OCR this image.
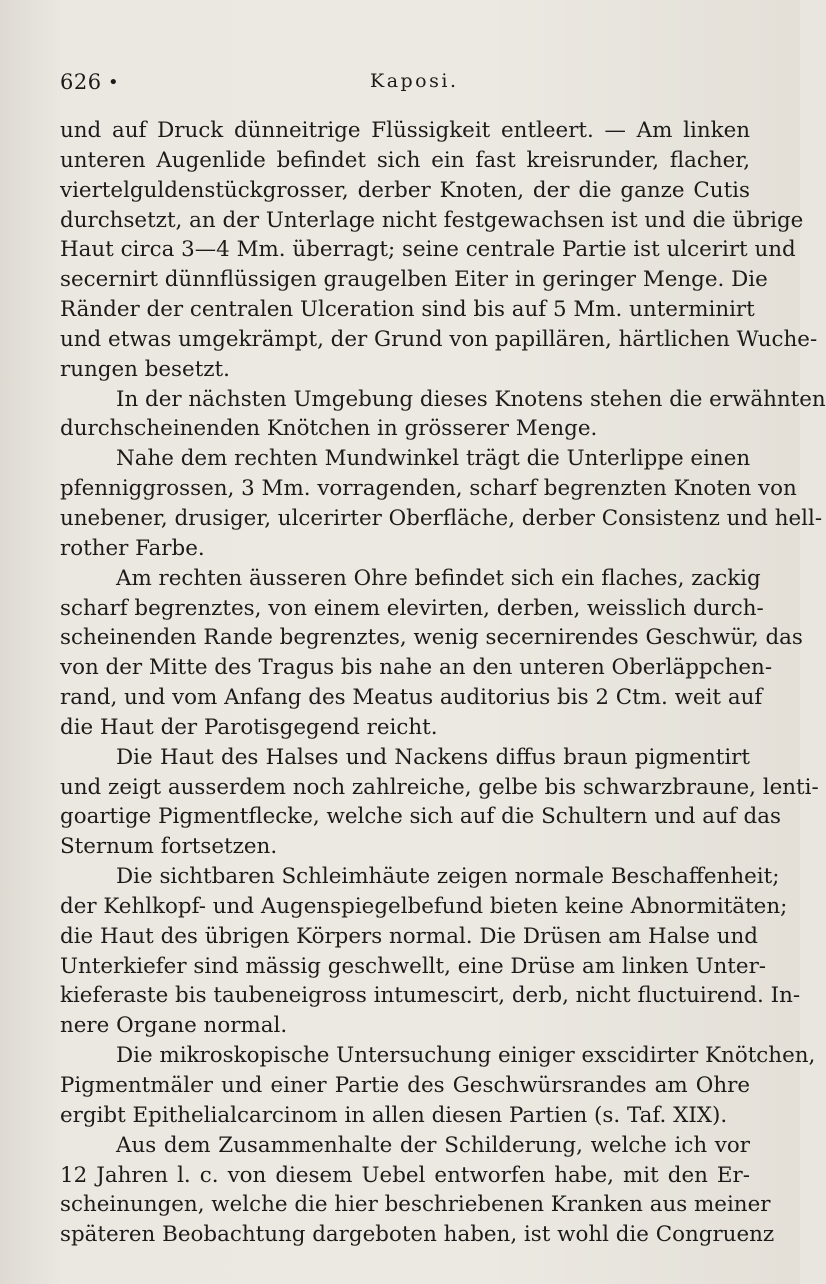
626 •	Kaposi.
und auf Druck dünneitrige Flüssigkeit entleert. — Am linken
unteren Augenlide befindet sich ein fast kreisrunder, flacher,
viertelguldenstückgrosser, derber Knoten, der die ganze Cutis
durchsetzt, an der Unterlage nicht festgewachsen ist und die übrige
Haut circa 3—4 Mm. überragt; seine centrale Partie ist ulcerirt und
secernirt dünnflüssigen graugelben Eiter in geringer Menge. Die
Ränder der centralen Ulceration sind bis auf 5 Mm. unterminirt
und etwas umgekrämpt, der Grund von papillären, härtlichen Wuche-
rungen besetzt.
In der nächsten Umgebung dieses Knotens stehen die erwähnten
durchscheinenden Knötchen in grösserer Menge.
Nahe dem rechten Mundwinkel trägt die Unterlippe einen
pfenniggrossen, 3 Mm. vorragenden, scharf begrenzten Knoten von
unebener, drusiger, ulcerirter Oberfläche, derber Consistenz und hell-
rother Farbe.
Am rechten äusseren Ohre befindet sich ein flaches, zackig
scharf begrenztes, von einem elevirten, derben, weisslich durch-
scheinenden Rande begrenztes, wenig secernirendes Geschwür, das
von der Mitte des Tragus bis nahe an den unteren Oberläppchen-
rand, und vom Anfang des Meatus auditorius bis 2 Ctm. weit auf
die Haut der Parotisgegend reicht.
Die Haut des Halses und Nackens diffus braun pigmentirt
und zeigt ausserdem noch zahlreiche, gelbe bis schwarzbraune, lenti-
goartige Pigmentflecke, welche sich auf die Schultern und auf das
Sternum fortsetzen.
Die sichtbaren Schleimhäute zeigen normale Beschaffenheit;
der Kehlkopf- und Augenspiegelbefund bieten keine Abnormitäten;
die Haut des übrigen Körpers normal. Die Drüsen am Halse und
Unterkiefer sind mässig geschwellt, eine Drüse am linken Unter-
kieferaste bis taubeneigross intumescirt, derb, nicht fluctuirend. In-
nere Organe normal.
Die mikroskopische Untersuchung einiger exscidirter Knötchen,
Pigmentmäler und einer Partie des Geschwürsrandes am Ohre
ergibt Epithelialcarcinom in allen diesen Partien (s. Taf. XIX).
Aus dem Zusammenhalte der Schilderung, welche ich vor
12 Jahren l. c. von diesem Uebel entworfen habe, mit den Er-
scheinungen, welche die hier beschriebenen Kranken aus meiner
späteren Beobachtung dargeboten haben, ist wohl die Congruenz
